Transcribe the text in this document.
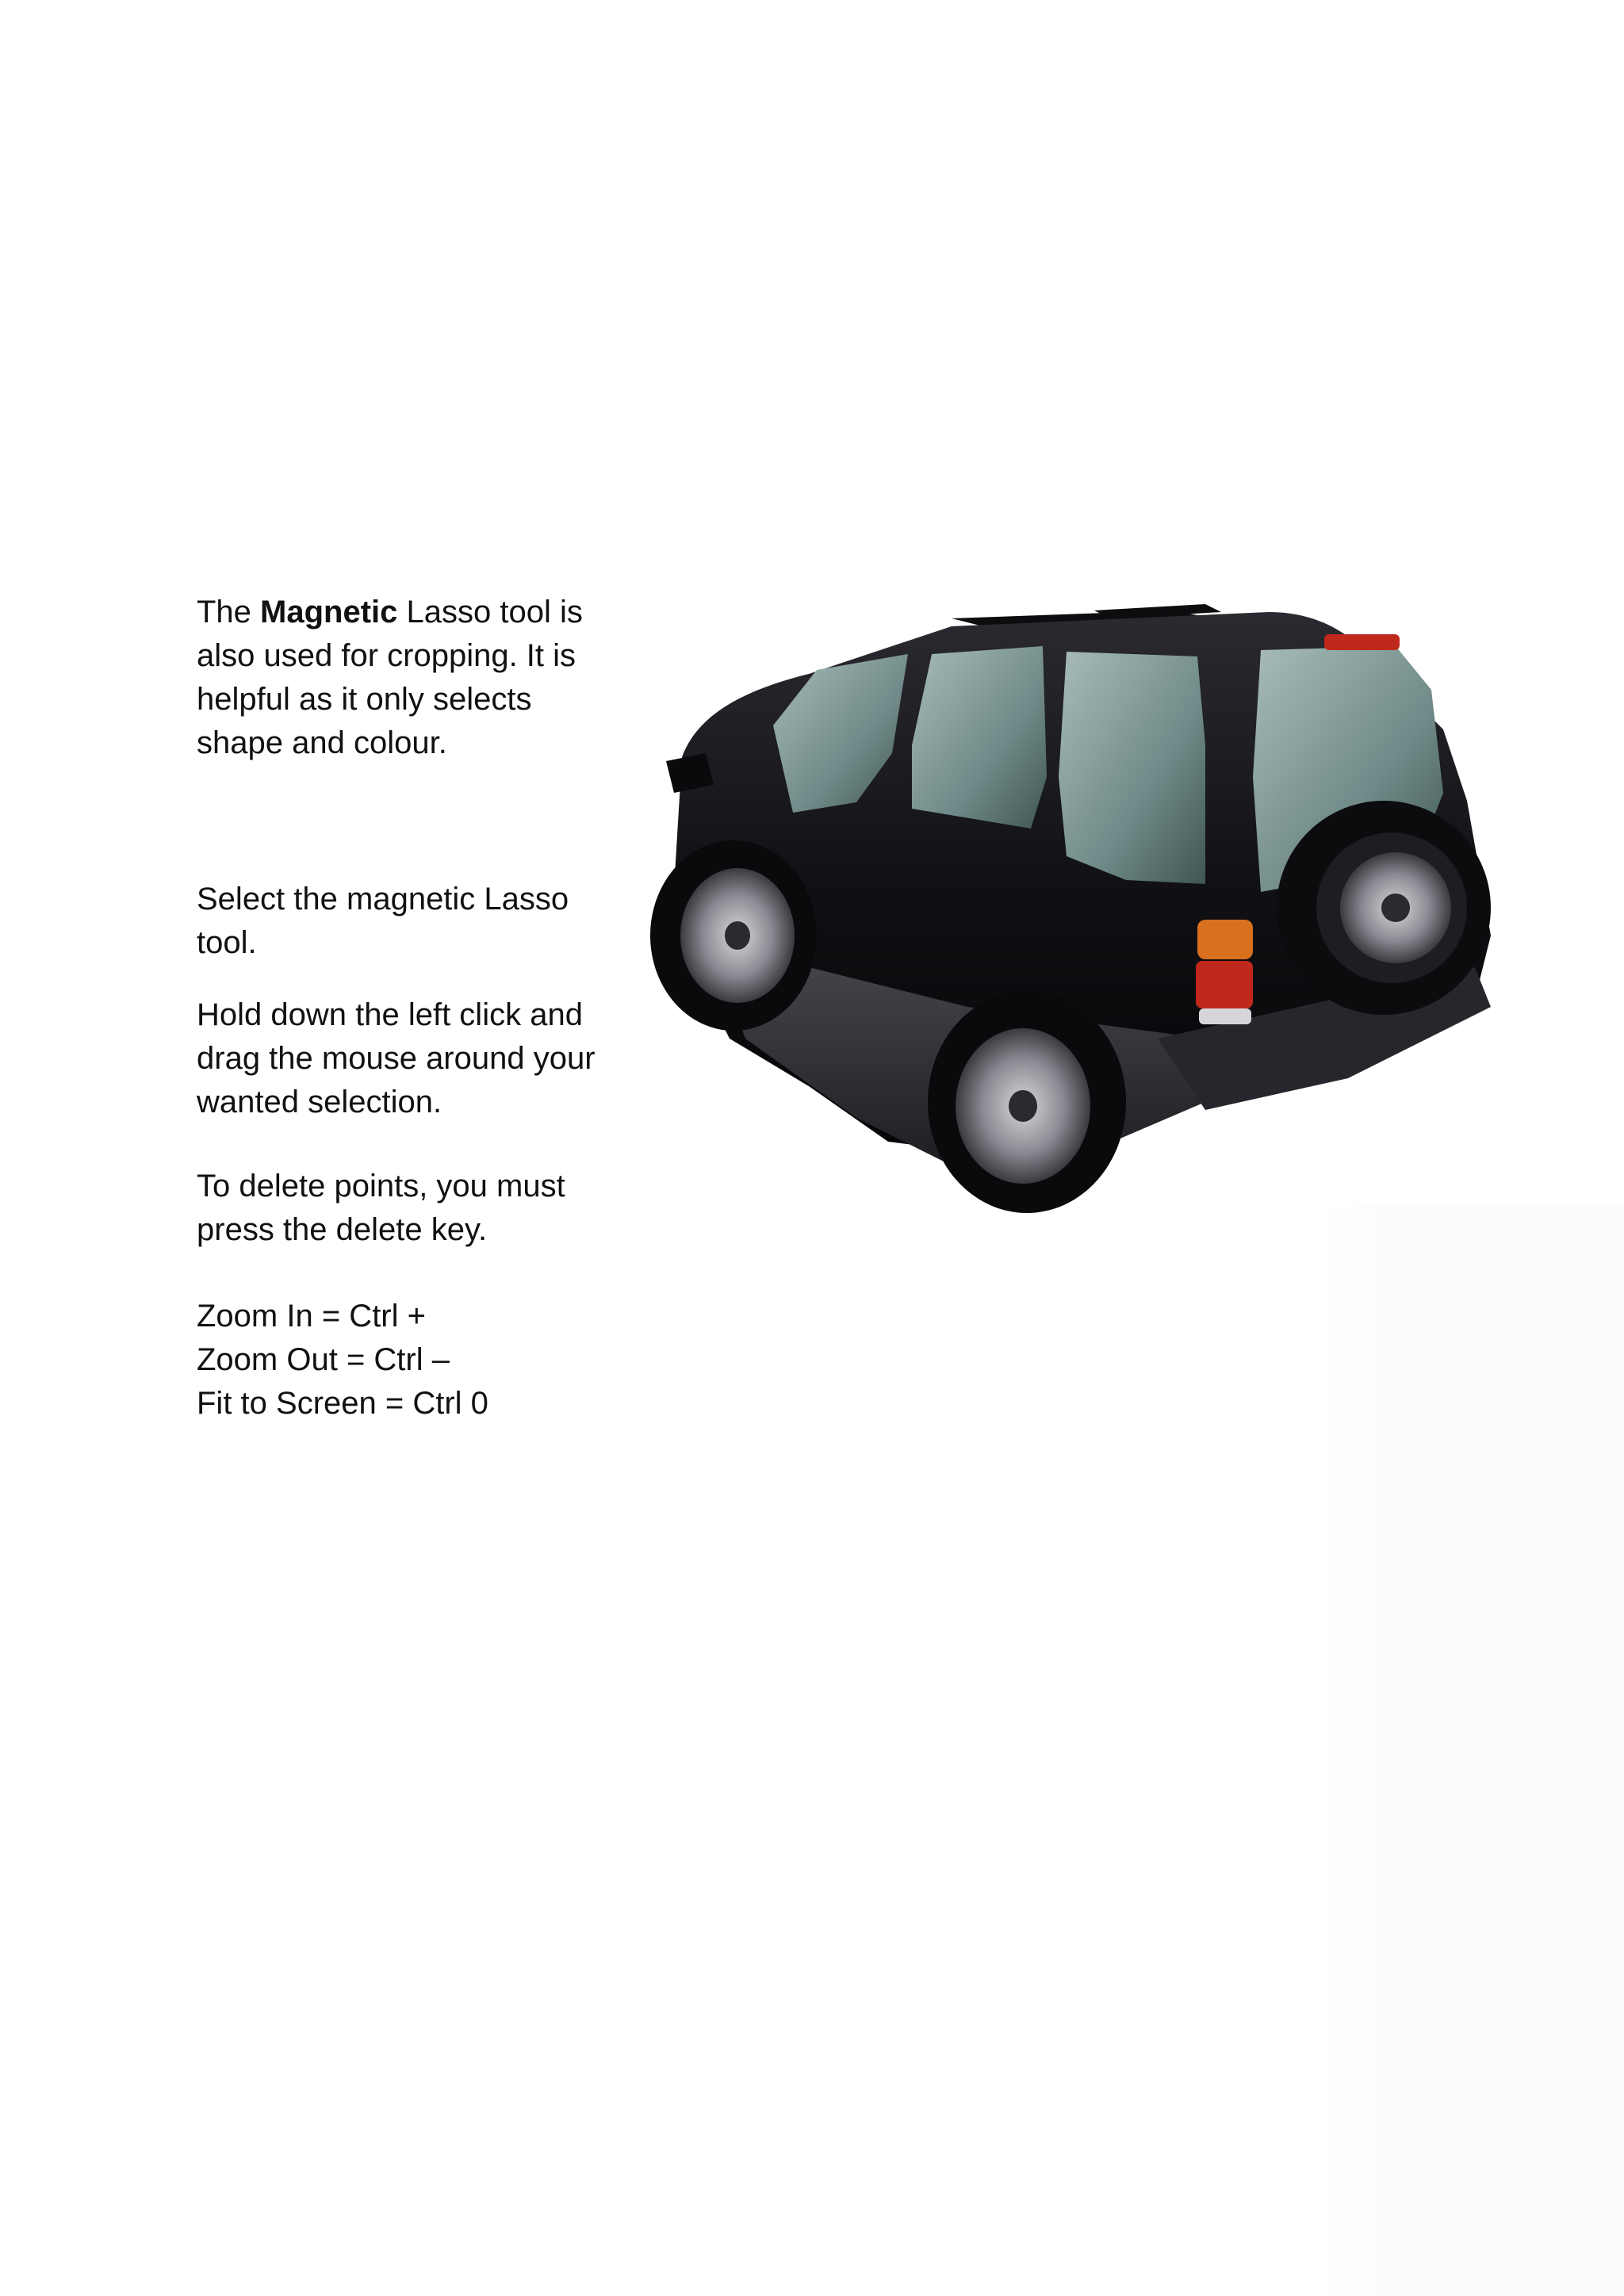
The Magnetic Lasso tool is
also used for cropping. It is
helpful as it only selects
shape and colour.

Select the magnetic Lasso
tool.

Hold down the left click and
drag the mouse around your
wanted selection.

To delete points, you must
press the delete key.

Zoom In = Ctrl +
Zoom Out = Ctrl –
Fit to Screen = Ctrl 0
